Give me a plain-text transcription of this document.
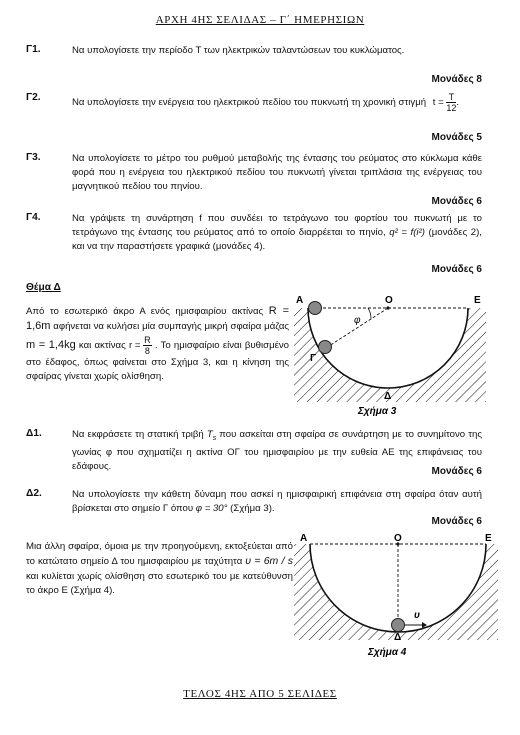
ΑΡΧΗ 4ΗΣ ΣΕΛΙΔΑΣ – Γ΄ ΗΜΕΡΗΣΙΩΝ
Γ1.	Να υπολογίσετε την περίοδο Τ των ηλεκτρικών ταλαντώσεων του κυκλώματος.
Μονάδες 8
Γ2.	Να υπολογίσετε την ενέργεια του ηλεκτρικού πεδίου του πυκνωτή τη χρονική στιγμή $t = \frac{T}{12}$ .
Μονάδες 5
Γ3.	Να υπολογίσετε το μέτρο του ρυθμού μεταβολής της έντασης του ρεύματος στο κύκλωμα κάθε φορά που η ενέργεια του ηλεκτρικού πεδίου του πυκνωτή γίνεται τριπλάσια της ενέργειας του μαγνητικού πεδίου του πηνίου.
Μονάδες 6
Γ4.	Να γράψετε τη συνάρτηση f που συνδέει το τετράγωνο του φορτίου του πυκνωτή με το τετράγωνο της έντασης του ρεύματος από το οποίο διαρρέεται το πηνίο, q² = f(i²) (μονάδες 2), και να την παραστήσετε γραφικά (μονάδες 4).
Μονάδες 6
Θέμα Δ
Από το εσωτερικό άκρο Α ενός ημισφαιρίου ακτίνας R = 1,6m αφήνεται να κυλήσει μία συμπαγής μικρή σφαίρα μάζας m = 1,4kg και ακτίνας $r = \frac{R}{8}$ . Το ημισφαίριο είναι βυθισμένο στο έδαφος, όπως φαίνεται στο Σχήμα 3, και η κίνηση της σφαίρας γίνεται χωρίς ολίσθηση.
Α	Ο	Ε
φ
Γ
Δ
Σχήμα 3
Δ1.	Να εκφράσετε τη στατική τριβή $T_s$ που ασκείται στη σφαίρα σε συνάρτηση με το συνημίτονο της γωνίας φ που σχηματίζει η ακτίνα ΟΓ του ημισφαιρίου με την ευθεία ΑΕ της επιφάνειας του εδάφους.	Μονάδες 6
Δ2.	Να υπολογίσετε την κάθετη δύναμη που ασκεί η ημισφαιρική επιφάνεια στη σφαίρα όταν αυτή βρίσκεται στο σημείο Γ όπου φ = 30° (Σχήμα 3).
Μονάδες 6
Μια άλλη σφαίρα, όμοια με την προηγούμενη, εκτοξεύεται από το κατώτατο σημείο Δ του ημισφαιρίου με ταχύτητα υ = 6m / s και κυλίεται χωρίς ολίσθηση στο εσωτερικό του με κατεύθυνση το άκρο Ε (Σχήμα 4).
Α	Ο	Ε
υ
Δ
Σχήμα 4
ΤΕΛΟΣ 4ΗΣ ΑΠΟ 5 ΣΕΛΙΔΕΣ
